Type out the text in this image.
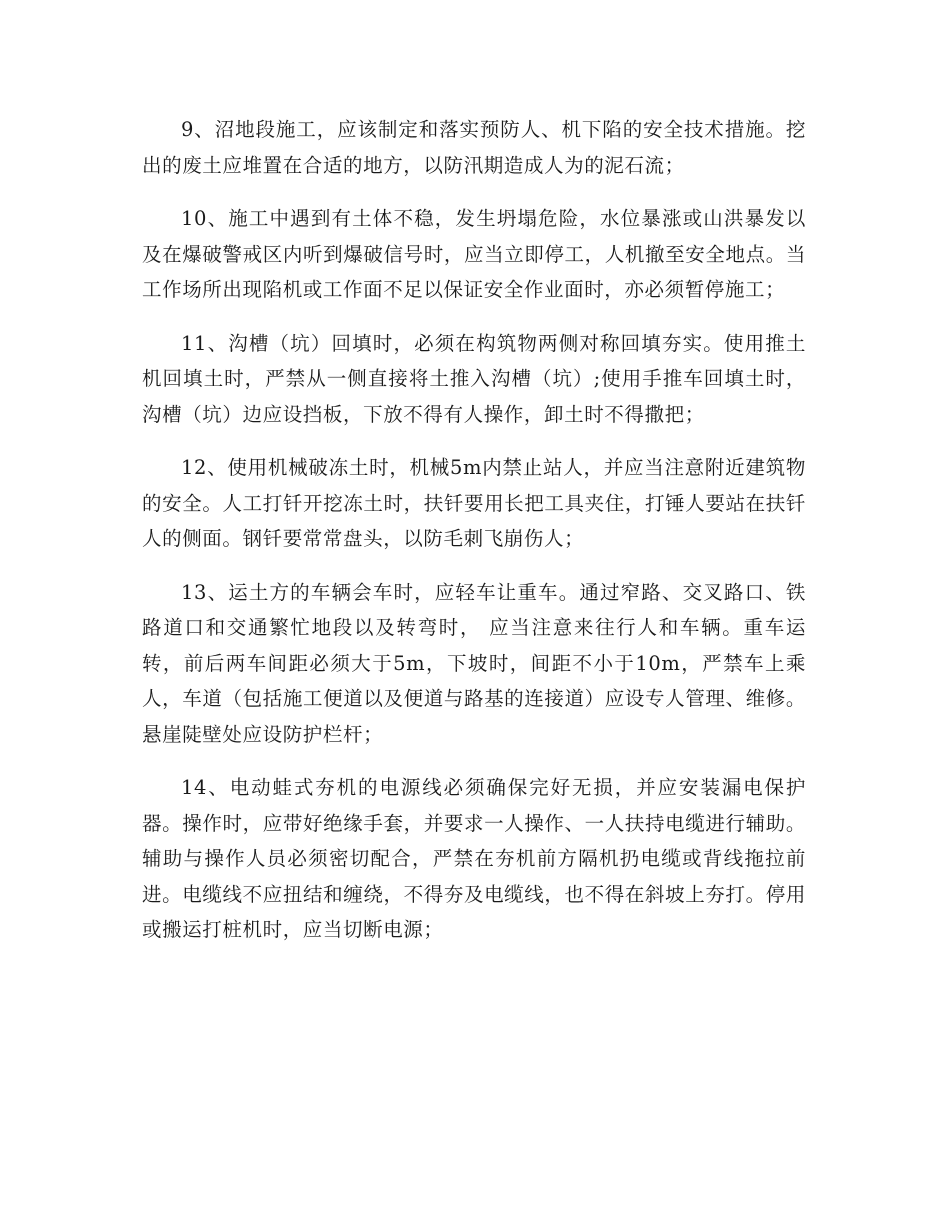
9、沼地段施工，应该制定和落实预防人、机下陷的安全技术措施。挖出的废土应堆置在合适的地方，以防汛期造成人为的泥石流；

10、施工中遇到有土体不稳，发生坍塌危险，水位暴涨或山洪暴发以及在爆破警戒区内听到爆破信号时，应当立即停工，人机撤至安全地点。当工作场所出现陷机或工作面不足以保证安全作业面时，亦必须暂停施工；

11、沟槽（坑）回填时，必须在构筑物两侧对称回填夯实。使用推土机回填土时，严禁从一侧直接将土推入沟槽（坑）;使用手推车回填土时，沟槽（坑）边应设挡板，下放不得有人操作，卸土时不得撒把；

12、使用机械破冻土时，机械5m内禁止站人，并应当注意附近建筑物的安全。人工打钎开挖冻土时，扶钎要用长把工具夹住，打锤人要站在扶钎人的侧面。钢钎要常常盘头，以防毛刺飞崩伤人；

13、运土方的车辆会车时，应轻车让重车。通过窄路、交叉路口、铁路道口和交通繁忙地段以及转弯时， 应当注意来往行人和车辆。重车运转，前后两车间距必须大于5m，下坡时，间距不小于10m，严禁车上乘人，车道（包括施工便道以及便道与路基的连接道）应设专人管理、维修。悬崖陡壁处应设防护栏杆；

14、电动蛙式夯机的电源线必须确保完好无损，并应安装漏电保护器。操作时，应带好绝缘手套，并要求一人操作、一人扶持电缆进行辅助。辅助与操作人员必须密切配合，严禁在夯机前方隔机扔电缆或背线拖拉前进。电缆线不应扭结和缠绕，不得夯及电缆线，也不得在斜坡上夯打。停用或搬运打桩机时，应当切断电源；
